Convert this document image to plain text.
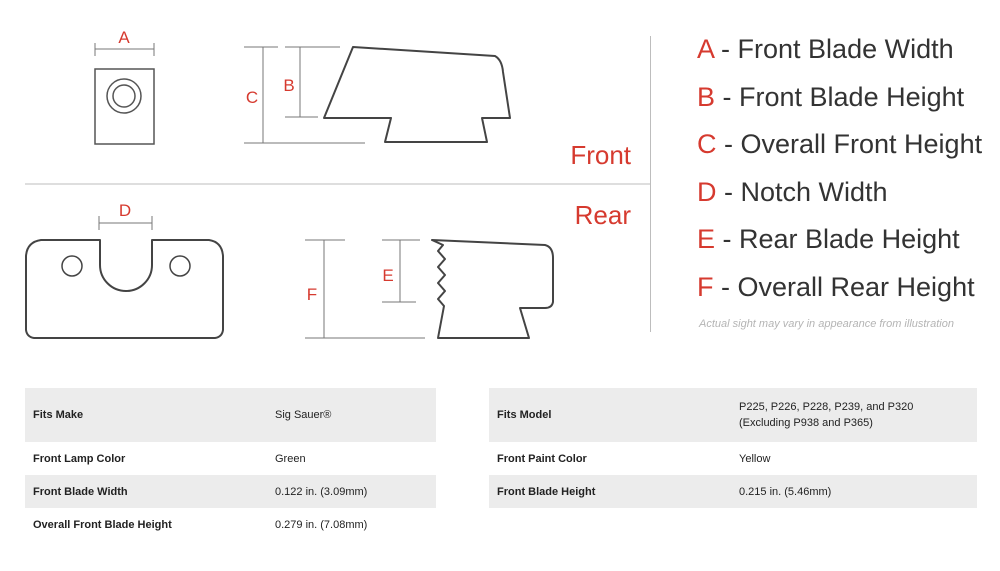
A
C
B
Front
D
F
E
Rear
A - Front Blade Width
B - Front Blade Height
C - Overall Front Height
D - Notch Width
E - Rear Blade Height
F - Overall Rear Height
Actual sight may vary in appearance from illustration
Fits Make	Sig Sauer®
Front Lamp Color	Green
Front Blade Width	0.122 in. (3.09mm)
Overall Front Blade Height	0.279 in. (7.08mm)
Fits Model	P225, P226, P228, P239, and P320
(Excluding P938 and P365)

Front Paint Color	Yellow
Front Blade Height	0.215 in. (5.46mm)
